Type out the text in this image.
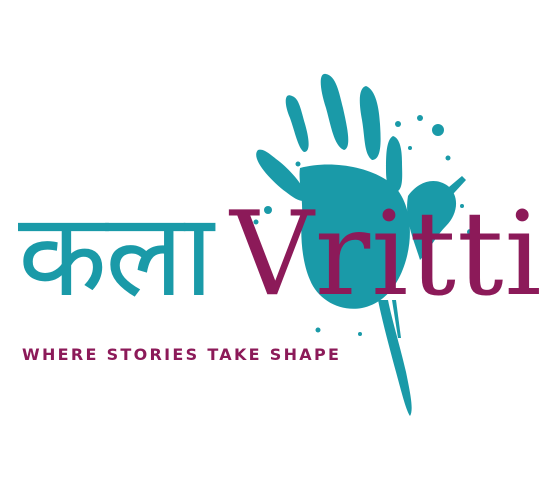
कला Vritti
WHERE STORIES TAKE SHAPE
